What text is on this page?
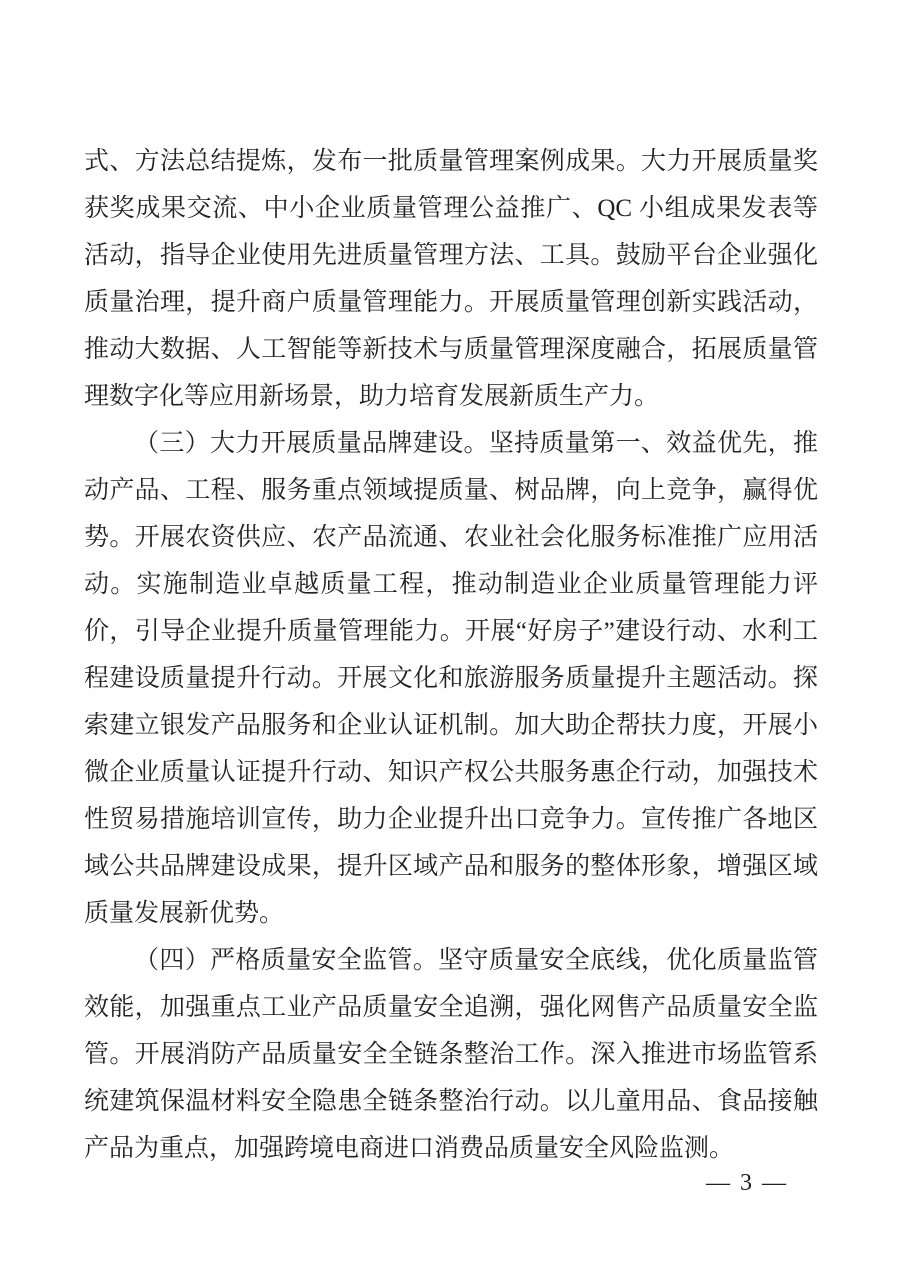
式、方法总结提炼，发布一批质量管理案例成果。大力开展质量奖获奖成果交流、中小企业质量管理公益推广、QC 小组成果发表等活动，指导企业使用先进质量管理方法、工具。鼓励平台企业强化质量治理，提升商户质量管理能力。开展质量管理创新实践活动，推动大数据、人工智能等新技术与质量管理深度融合，拓展质量管理数字化等应用新场景，助力培育发展新质生产力。

（三）大力开展质量品牌建设。坚持质量第一、效益优先，推动产品、工程、服务重点领域提质量、树品牌，向上竞争，赢得优势。开展农资供应、农产品流通、农业社会化服务标准推广应用活动。实施制造业卓越质量工程，推动制造业企业质量管理能力评价，引导企业提升质量管理能力。开展“好房子”建设行动、水利工程建设质量提升行动。开展文化和旅游服务质量提升主题活动。探索建立银发产品服务和企业认证机制。加大助企帮扶力度，开展小微企业质量认证提升行动、知识产权公共服务惠企行动，加强技术性贸易措施培训宣传，助力企业提升出口竞争力。宣传推广各地区域公共品牌建设成果，提升区域产品和服务的整体形象，增强区域质量发展新优势。

（四）严格质量安全监管。坚守质量安全底线，优化质量监管效能，加强重点工业产品质量安全追溯，强化网售产品质量安全监管。开展消防产品质量安全全链条整治工作。深入推进市场监管系统建筑保温材料安全隐患全链条整治行动。以儿童用品、食品接触产品为重点，加强跨境电商进口消费品质量安全风险监测。

— 3 —
